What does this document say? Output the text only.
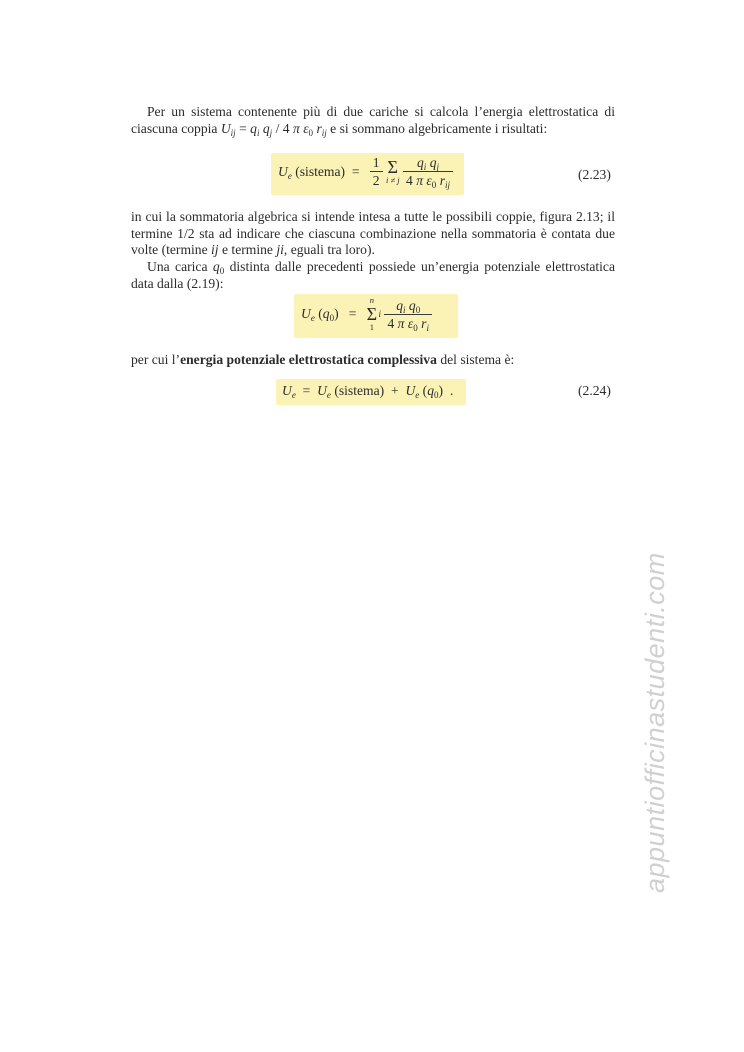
Per un sistema contenente più di due cariche si calcola l’energia elettrostatica di ciascuna coppia $U_{ij} = q_i$ $q_j / 4$ π $\varepsilon_0$ $r_{ij}$ e si sommano algebricamente i risultati:
$U_e$ (sistema)  = $\frac{1}{2}$
Σ
i ≠ j
$\frac{q_i q_j}{4 \pi \varepsilon_0 r_{ij}}$	(2.23)
in cui la sommatoria algebrica si intende intesa a tutte le possibili coppie, figura 2.13; il termine 1/2 sta ad indicare che ciascuna combinazione nella sommatoria è contata due volte (termine ij e termine ji, eguali tra loro).
Una carica $q_0$ distinta dalle precedenti possiede un’energia potenziale elettrostatica data dalla (2.19):
$U_e$ $(q_0)$   =
n
Σ
1
i $\frac{q_i q_0}{4 \pi \varepsilon_0 r_i}$
per cui l’energia potenziale elettrostatica complessiva del sistema è:
$U_e = U_e$ (sistema)  +  $U_e$ $(q_0)$  .	(2.24)
appuntiofficinastudenti.com
